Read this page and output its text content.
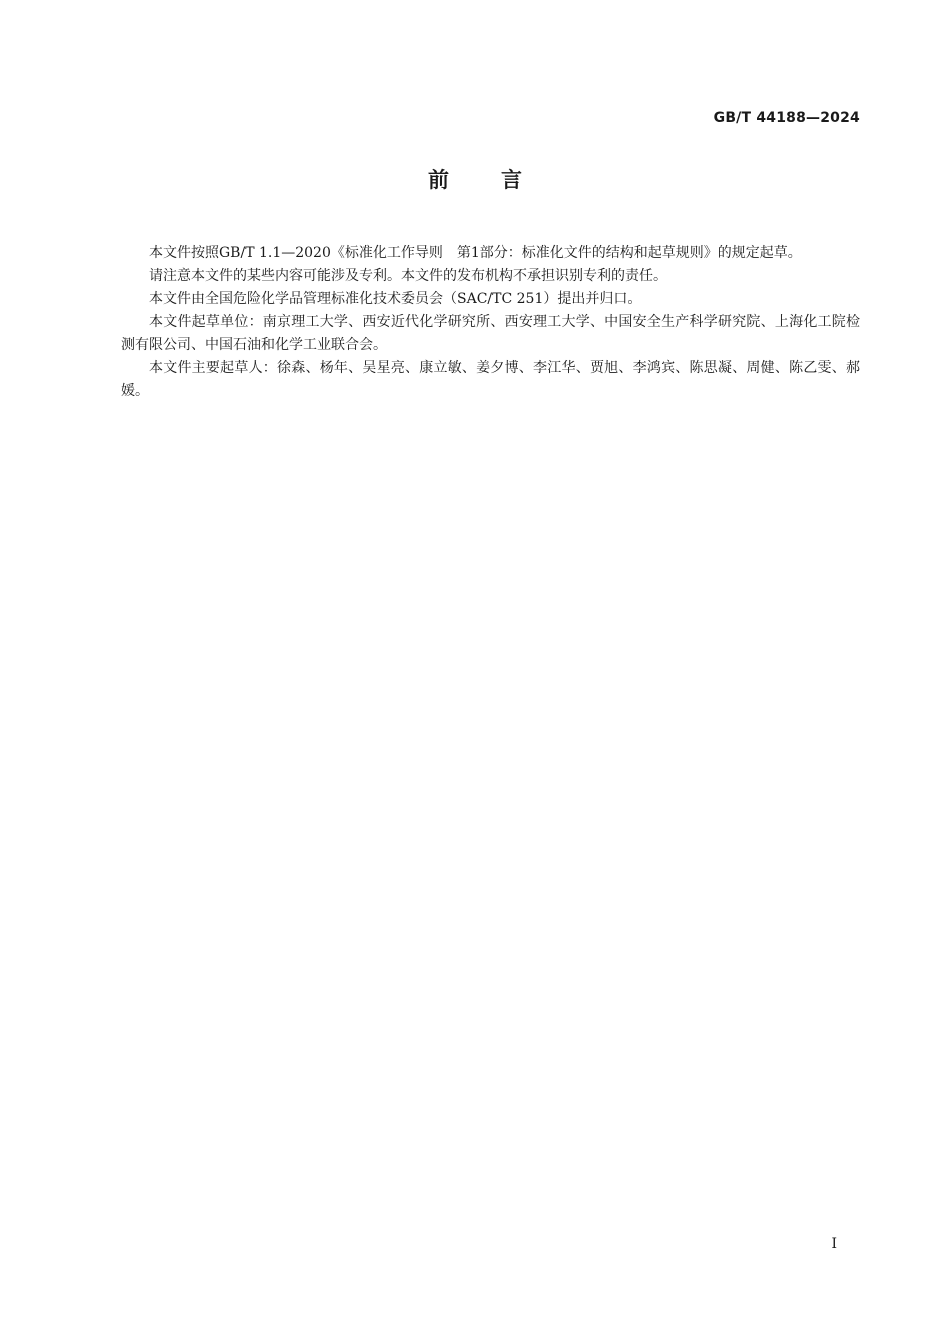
GB/T 44188—2024
前言

本文件按照GB/T 1.1—2020《标准化工作导则　第1部分：标准化文件的结构和起草规则》的规定起草。

请注意本文件的某些内容可能涉及专利。本文件的发布机构不承担识别专利的责任。

本文件由全国危险化学品管理标准化技术委员会（SAC/TC 251）提出并归口。

本文件起草单位：南京理工大学、西安近代化学研究所、西安理工大学、中国安全生产科学研究院、上海化工院检测有限公司、中国石油和化学工业联合会。

本文件主要起草人：徐森、杨年、吴星亮、康立敏、姜夕博、李江华、贾旭、李鸿宾、陈思凝、周健、陈乙雯、郝媛。

I
